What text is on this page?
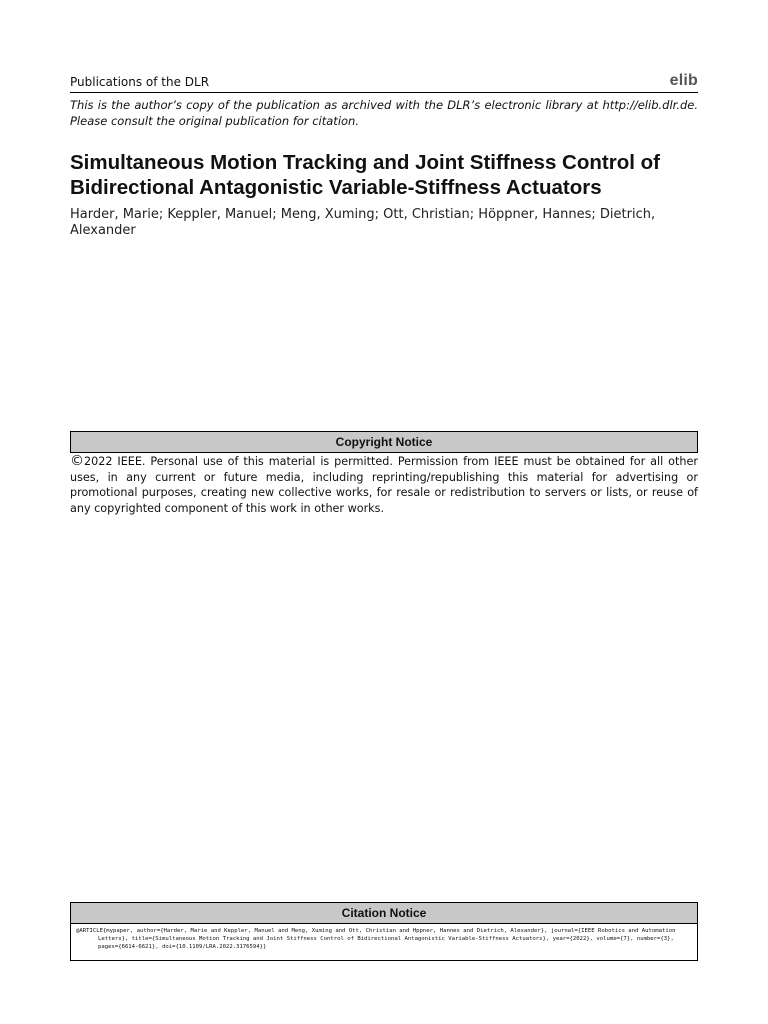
Publications of the DLR	elib

This is the author’s copy of the publication as archived with the DLR’s electronic library at http://elib.dlr.de. Please consult the original publication for citation.

Simultaneous Motion Tracking and Joint Stiffness Control of Bidirectional Antagonistic Variable-Stiffness Actuators

Harder, Marie; Keppler, Manuel; Meng, Xuming; Ott, Christian; Höppner, Hannes; Dietrich, Alexander

Copyright Notice

©2022 IEEE. Personal use of this material is permitted. Permission from IEEE must be obtained for all other uses, in any current or future media, including reprinting/republishing this material for advertising or promotional purposes, creating new collective works, for resale or redistribution to servers or lists, or reuse of any copyrighted component of this work in other works.

Citation Notice
@ARTICLE{mypaper, author={Harder, Marie and Keppler, Manuel and Meng, Xuming and Ott, Christian and Hppner, Hannes and Dietrich, Alexander}, journal={IEEE Robotics and Automation
Letters}, title={Simultaneous Motion Tracking and Joint Stiffness Control of Bidirectional Antagonistic Variable-Stiffness Actuators}, year={2022}, volume={7}, number={3},
pages={6614-6621}, doi={10.1109/LRA.2022.3176594}}
